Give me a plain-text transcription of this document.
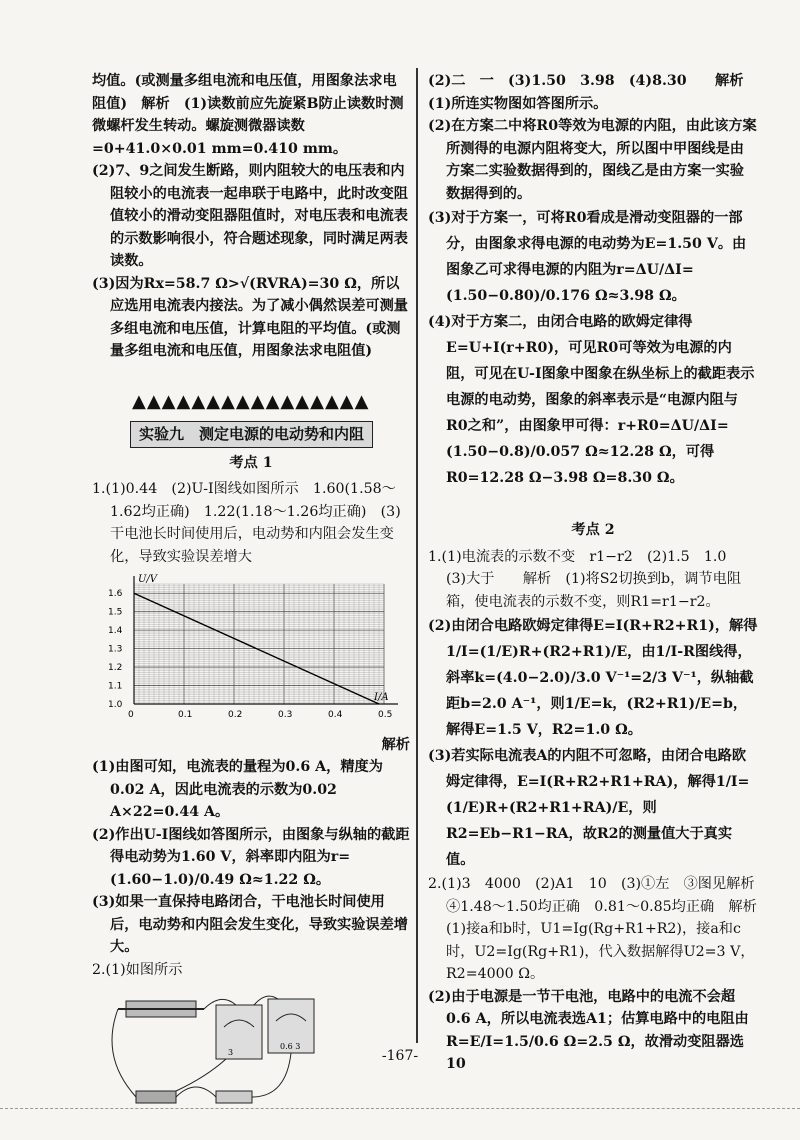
均值。(或测量多组电流和电压值，用图象法求电阻值)　解析　(1)读数前应先旋紧B防止读数时测微螺杆发生转动。螺旋测微器读数=0+41.0×0.01 mm=0.410 mm。

(2)7、9之间发生断路，则内阻较大的电压表和内阻较小的电流表一起串联于电路中，此时改变阻值较小的滑动变阻器阻值时，对电压表和电流表的示数影响很小，符合题述现象，同时满足两表读数。

(3)因为Rx=58.7 Ω>√(RVRA)=30 Ω，所以应选用电流表内接法。为了减小偶然误差可测量多组电流和电压值，计算电阻的平均值。(或测量多组电流和电压值，用图象法求电阻值)

▲▲▲▲▲▲▲▲▲▲▲▲▲▲▲▲
实验九　测定电源的电动势和内阻
考点 1

1.(1)0.44　(2)U-I图线如图所示　1.60(1.58～1.62均正确)　1.22(1.18～1.26均正确)　(3)干电池长时间使用后，电动势和内阻会发生变化，导致实验误差增大

0	0.1	0.2	0.3	0.4	0.5
1.0
1.1
1.2
1.3
1.4
1.5
1.6
U/V
I/A
解析

(1)由图可知，电流表的量程为0.6 A，精度为0.02 A，因此电流表的示数为0.02 A×22=0.44 A。

(2)作出U-I图线如答图所示，由图象与纵轴的截距得电动势为1.60 V，斜率即内阻为r=(1.60−1.0)/0.49 Ω≈1.22 Ω。

(3)如果一直保持电路闭合，干电池长时间使用后，电动势和内阻会发生变化，导致实验误差增大。

2.(1)如图所示

3
0.6 3

(2)二　一　(3)1.50　3.98　(4)8.30　　解析

(1)所连实物图如答图所示。

(2)在方案二中将R0等效为电源的内阻，由此该方案所测得的电源内阻将变大，所以图中甲图线是由方案二实验数据得到的，图线乙是由方案一实验数据得到的。

(3)对于方案一，可将R0看成是滑动变阻器的一部分，由图象求得电源的电动势为E=1.50 V。由图象乙可求得电源的内阻为r=ΔU/ΔI=(1.50−0.80)/0.176 Ω≈3.98 Ω。

(4)对于方案二，由闭合电路的欧姆定律得E=U+I(r+R0)，可见R0可等效为电源的内阻，可见在U-I图象中图象在纵坐标上的截距表示电源的电动势，图象的斜率表示是“电源内阻与R0之和”，由图象甲可得：r+R0=ΔU/ΔI=(1.50−0.8)/0.057 Ω≈12.28 Ω，可得R0=12.28 Ω−3.98 Ω=8.30 Ω。

考点 2

1.(1)电流表的示数不变　r1−r2　(2)1.5　1.0　(3)大于　　解析　(1)将S2切换到b，调节电阻箱，使电流表的示数不变，则R1=r1−r2。

(2)由闭合电路欧姆定律得E=I(R+R2+R1)，解得1/I=(1/E)R+(R2+R1)/E，由1/I-R图线得，斜率k=(4.0−2.0)/3.0 V⁻¹=2/3 V⁻¹，纵轴截距b=2.0 A⁻¹，则1/E=k，(R2+R1)/E=b，解得E=1.5 V，R2=1.0 Ω。

(3)若实际电流表A的内阻不可忽略，由闭合电路欧姆定律得，E=I(R+R2+R1+RA)，解得1/I=(1/E)R+(R2+R1+RA)/E，则R2=Eb−R1−RA，故R2的测量值大于真实值。

2.(1)3　4000　(2)A1　10　(3)①左　③图见解析　④1.48～1.50均正确　0.81～0.85均正确　解析　(1)接a和b时，U1=Ig(Rg+R1+R2)，接a和c时，U2=Ig(Rg+R1)，代入数据解得U2=3 V，R2=4000 Ω。

(2)由于电源是一节干电池，电路中的电流不会超0.6 A，所以电流表选A1；估算电路中的电阻由R=E/I=1.5/0.6 Ω=2.5 Ω，故滑动变阻器选10

-167-
